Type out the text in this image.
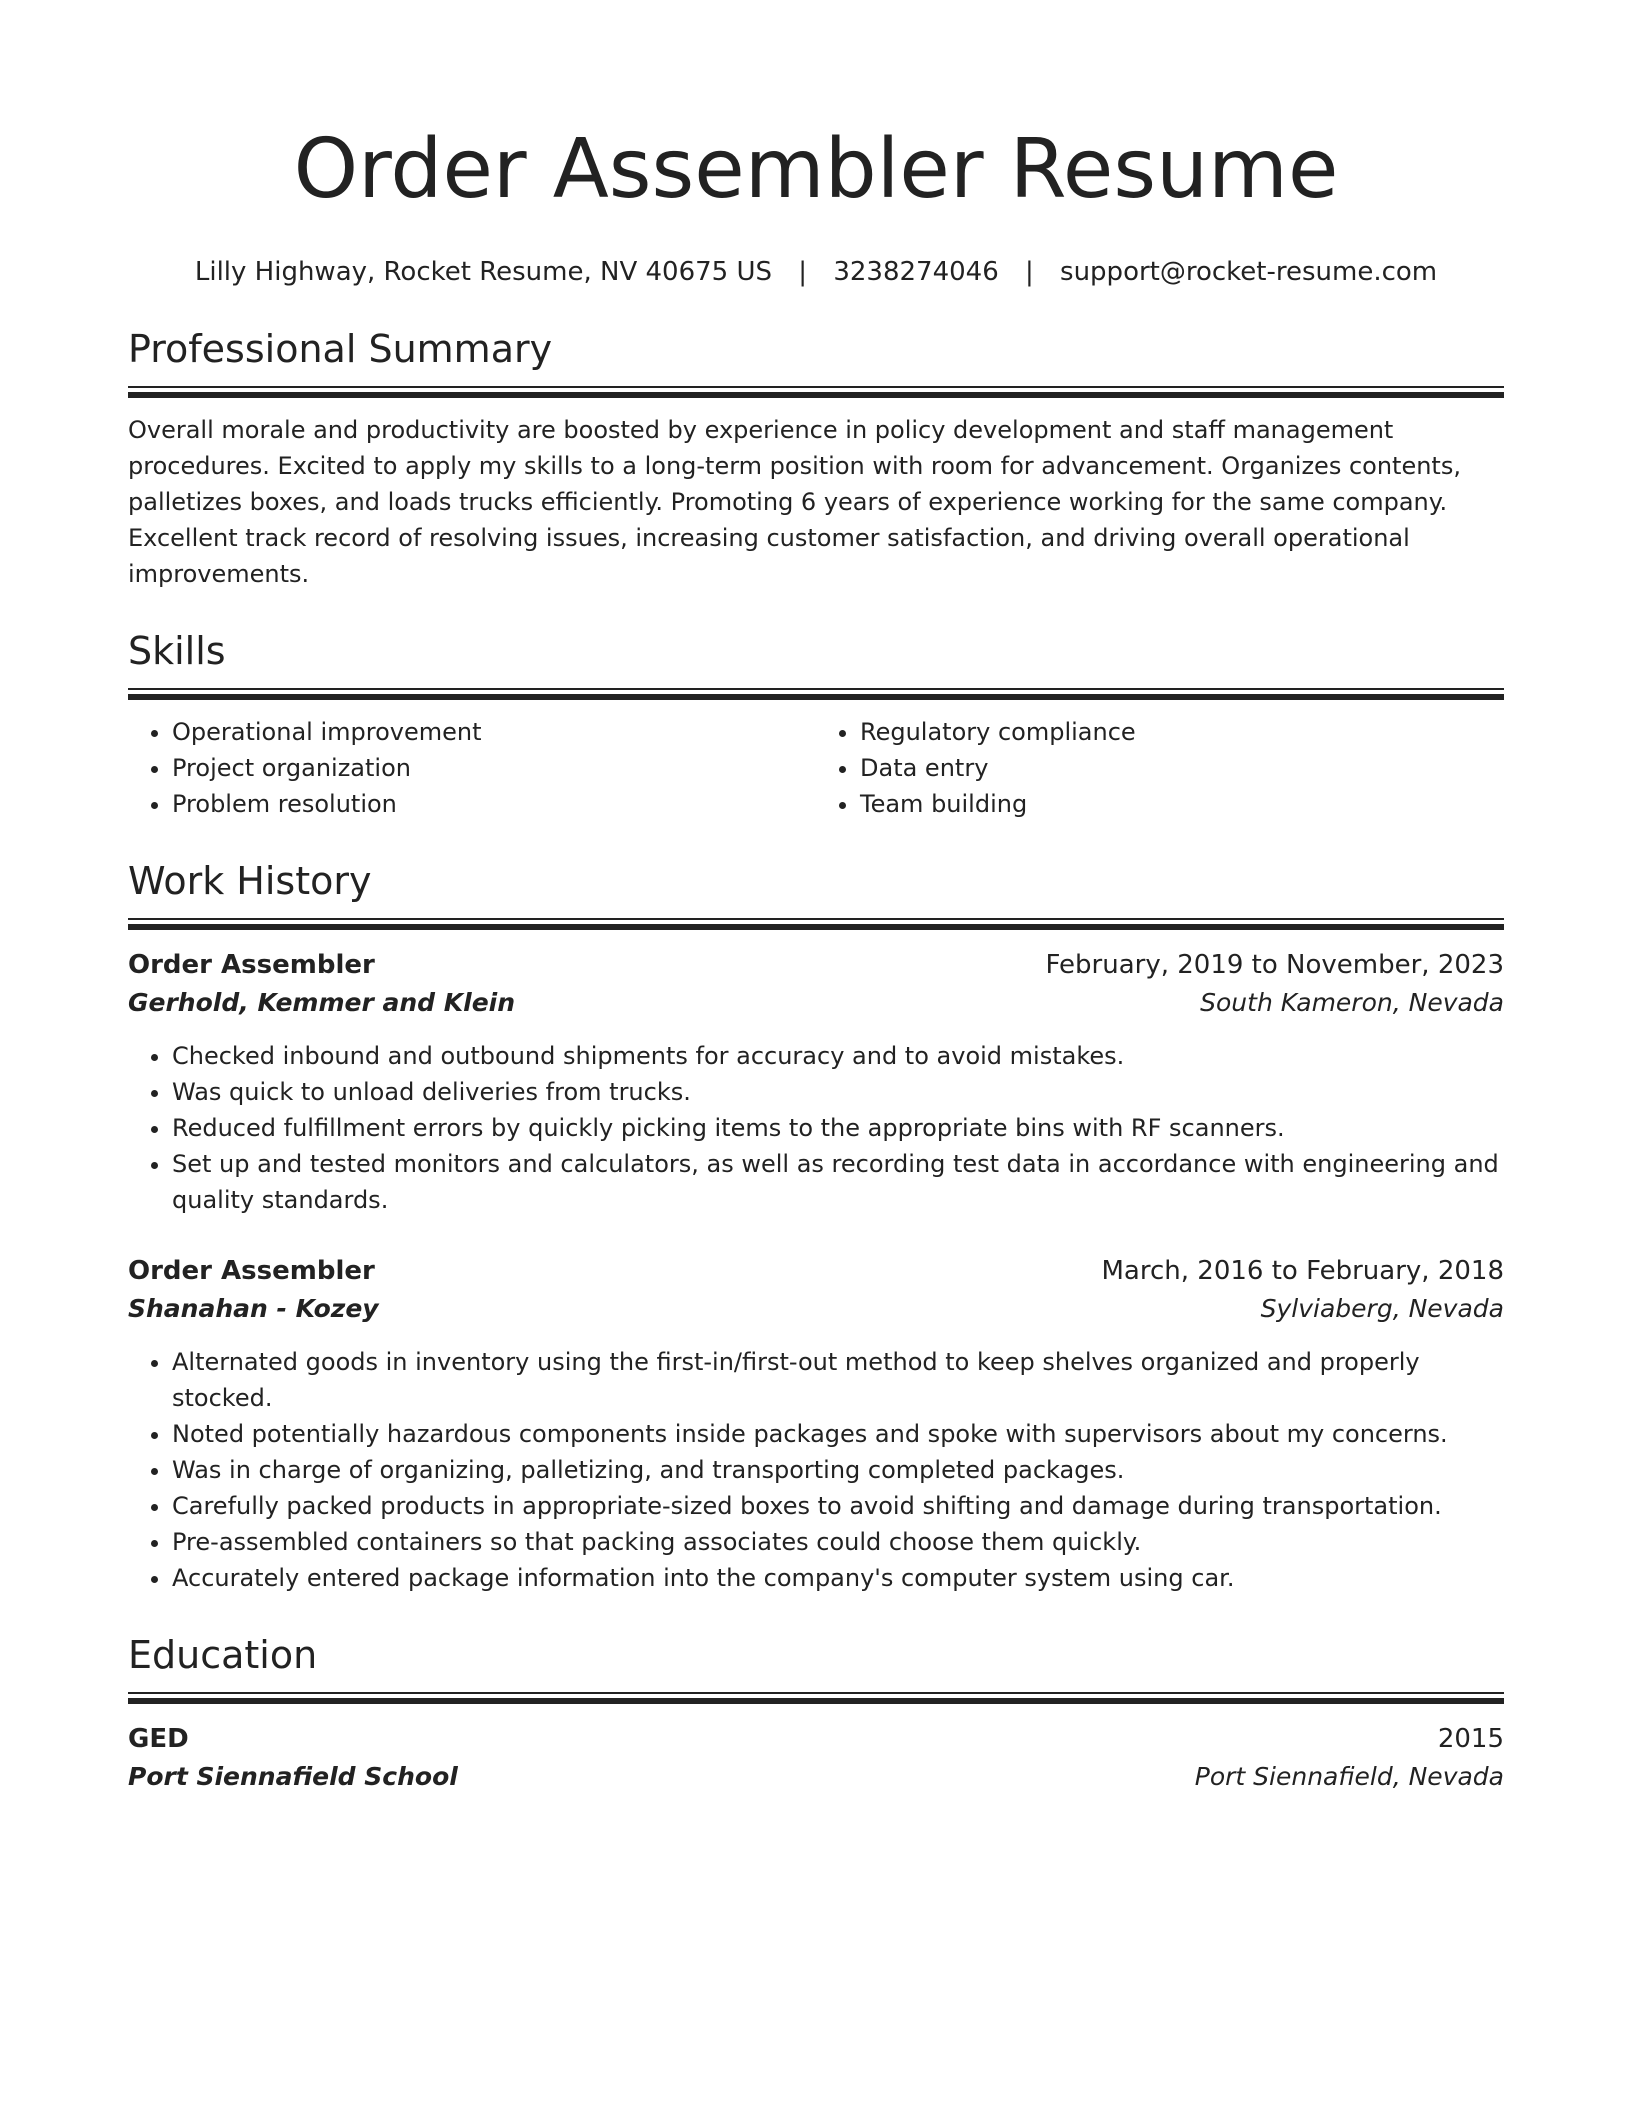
Order Assembler Resume
Lilly Highway, Rocket Resume, NV 40675 US | 3238274046 | support@rocket-resume.com
Professional Summary
Overall morale and productivity are boosted by experience in policy development and staff management procedures. Excited to apply my skills to a long-term position with room for advancement. Organizes contents, palletizes boxes, and loads trucks efficiently. Promoting 6 years of experience working for the same company. Excellent track record of resolving issues, increasing customer satisfaction, and driving overall operational improvements.
Skills
• Operational improvement
• Project organization
• Problem resolution
• Regulatory compliance
• Data entry
• Team building
Work History
Order Assembler	February, 2019 to November, 2023
Gerhold, Kemmer and Klein	South Kameron, Nevada
• Checked inbound and outbound shipments for accuracy and to avoid mistakes.
• Was quick to unload deliveries from trucks.
• Reduced fulfillment errors by quickly picking items to the appropriate bins with RF scanners.
• Set up and tested monitors and calculators, as well as recording test data in accordance with engineering and quality standards.
Order Assembler	March, 2016 to February, 2018
Shanahan - Kozey	Sylviaberg, Nevada
• Alternated goods in inventory using the first-in/first-out method to keep shelves organized and properly stocked.
• Noted potentially hazardous components inside packages and spoke with supervisors about my concerns.
• Was in charge of organizing, palletizing, and transporting completed packages.
• Carefully packed products in appropriate-sized boxes to avoid shifting and damage during transportation.
• Pre-assembled containers so that packing associates could choose them quickly.
• Accurately entered package information into the company's computer system using car.
Education
GED	2015
Port Siennafield School	Port Siennafield, Nevada
